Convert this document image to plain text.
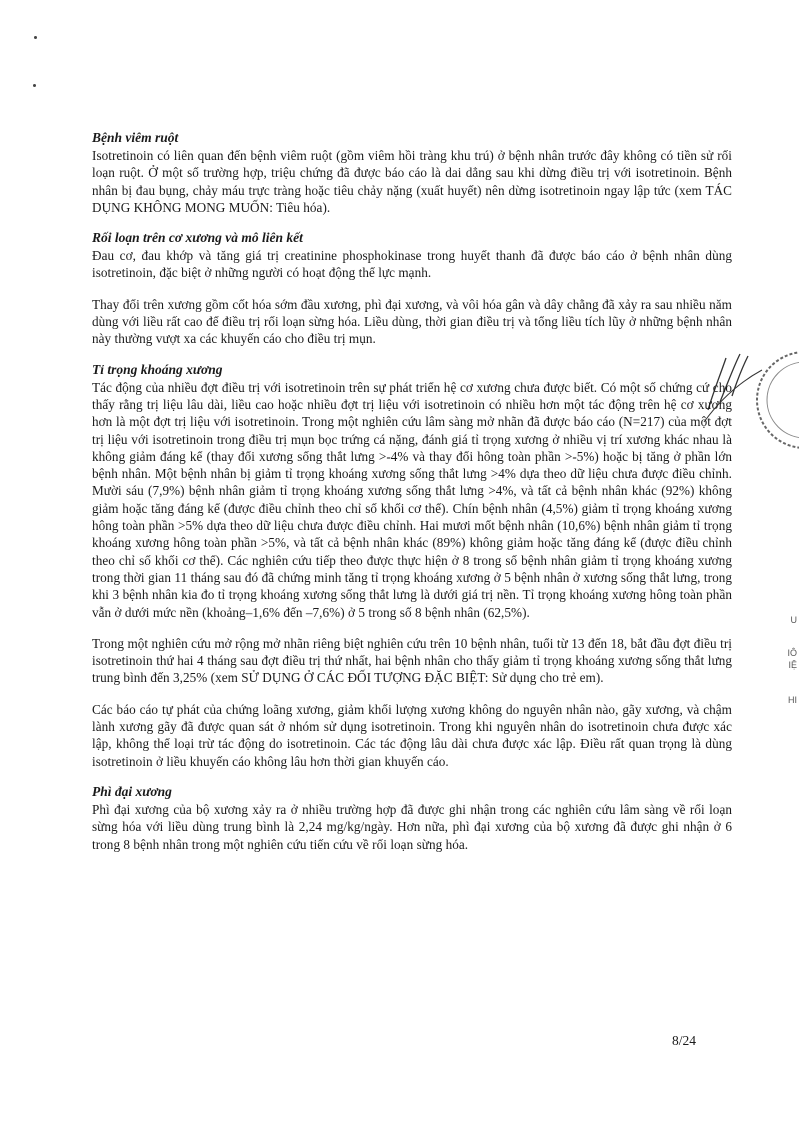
U
IÔ
IỆ
HI
Bệnh viêm ruột

Isotretinoin có liên quan đến bệnh viêm ruột (gồm viêm hồi tràng khu trú) ở bệnh nhân trước đây không có tiền sử rối loạn ruột. Ở một số trường hợp, triệu chứng đã được báo cáo là dai dẳng sau khi dừng điều trị với isotretinoin. Bệnh nhân bị đau bụng, chảy máu trực tràng hoặc tiêu chảy nặng (xuất huyết) nên dừng isotretinoin ngay lập tức (xem TÁC DỤNG KHÔNG MONG MUỐN: Tiêu hóa).

Rối loạn trên cơ xương và mô liên kết

Đau cơ, đau khớp và tăng giá trị creatinine phosphokinase trong huyết thanh đã được báo cáo ở bệnh nhân dùng isotretinoin, đặc biệt ở những người có hoạt động thể lực mạnh.

Thay đổi trên xương gồm cốt hóa sớm đầu xương, phì đại xương, và vôi hóa gân và dây chằng đã xảy ra sau nhiều năm dùng với liều rất cao để điều trị rối loạn sừng hóa. Liều dùng, thời gian điều trị và tổng liều tích lũy ở những bệnh nhân này thường vượt xa các khuyến cáo cho điều trị mụn.

Tỉ trọng khoáng xương

Tác động của nhiều đợt điều trị với isotretinoin trên sự phát triển hệ cơ xương chưa được biết. Có một số chứng cứ cho thấy rằng trị liệu lâu dài, liều cao hoặc nhiều đợt trị liệu với isotretinoin có nhiều hơn một tác động trên hệ cơ xương hơn là một đợt trị liệu với isotretinoin. Trong một nghiên cứu lâm sàng mở nhãn đã được báo cáo (N=217) của một đợt trị liệu với isotretinoin trong điều trị mụn bọc trứng cá nặng, đánh giá tỉ trọng xương ở nhiều vị trí xương khác nhau là không giảm đáng kể (thay đổi xương sống thắt lưng >-4% và thay đổi hông toàn phần >-5%) hoặc bị tăng ở phần lớn bệnh nhân. Một bệnh nhân bị giảm tỉ trọng khoáng xương sống thắt lưng >4% dựa theo dữ liệu chưa được điều chỉnh. Mười sáu (7,9%) bệnh nhân giảm tỉ trọng khoáng xương sống thắt lưng >4%, và tất cả bệnh nhân khác (92%) không giảm hoặc tăng đáng kể (được điều chỉnh theo chỉ số khối cơ thể). Chín bệnh nhân (4,5%) giảm tỉ trọng khoáng xương hông toàn phần >5% dựa theo dữ liệu chưa được điều chỉnh. Hai mươi mốt bệnh nhân (10,6%) bệnh nhân giảm tỉ trọng khoáng xương hông toàn phần >5%, và tất cả bệnh nhân khác (89%) không giảm hoặc tăng đáng kể (được điều chỉnh theo chỉ số khối cơ thể). Các nghiên cứu tiếp theo được thực hiện ở 8 trong số bệnh nhân giảm tỉ trọng khoáng xương trong thời gian 11 tháng sau đó đã chứng minh tăng tỉ trọng khoáng xương ở 5 bệnh nhân ở xương sống thắt lưng, trong khi 3 bệnh nhân kia đo tỉ trọng khoáng xương sống thắt lưng là dưới giá trị nền. Tỉ trọng khoáng xương hông toàn phần vẫn ở dưới mức nền (khoảng–1,6% đến –7,6%) ở 5 trong số 8 bệnh nhân (62,5%).

Trong một nghiên cứu mở rộng mở nhãn riêng biệt nghiên cứu trên 10 bệnh nhân, tuổi từ 13 đến 18, bắt đầu đợt điều trị isotretinoin thứ hai 4 tháng sau đợt điều trị thứ nhất, hai bệnh nhân cho thấy giảm tỉ trọng khoáng xương sống thắt lưng trung bình đến 3,25% (xem SỬ DỤNG Ở CÁC ĐỐI TƯỢNG ĐẶC BIỆT: Sử dụng cho trẻ em).

Các báo cáo tự phát của chứng loãng xương, giảm khối lượng xương không do nguyên nhân nào, gãy xương, và chậm lành xương gãy đã được quan sát ở nhóm sử dụng isotretinoin. Trong khi nguyên nhân do isotretinoin chưa được xác lập, không thể loại trừ tác động do isotretinoin. Các tác động lâu dài chưa được xác lập. Điều rất quan trọng là dùng isotretinoin ở liều khuyến cáo không lâu hơn thời gian khuyến cáo.

Phì đại xương

Phì đại xương của bộ xương xảy ra ở nhiều trường hợp đã được ghi nhận trong các nghiên cứu lâm sàng về rối loạn sừng hóa với liều dùng trung bình là 2,24 mg/kg/ngày. Hơn nữa, phì đại xương của bộ xương đã được ghi nhận ở 6 trong 8 bệnh nhân trong một nghiên cứu tiến cứu về rối loạn sừng hóa.

8/24
